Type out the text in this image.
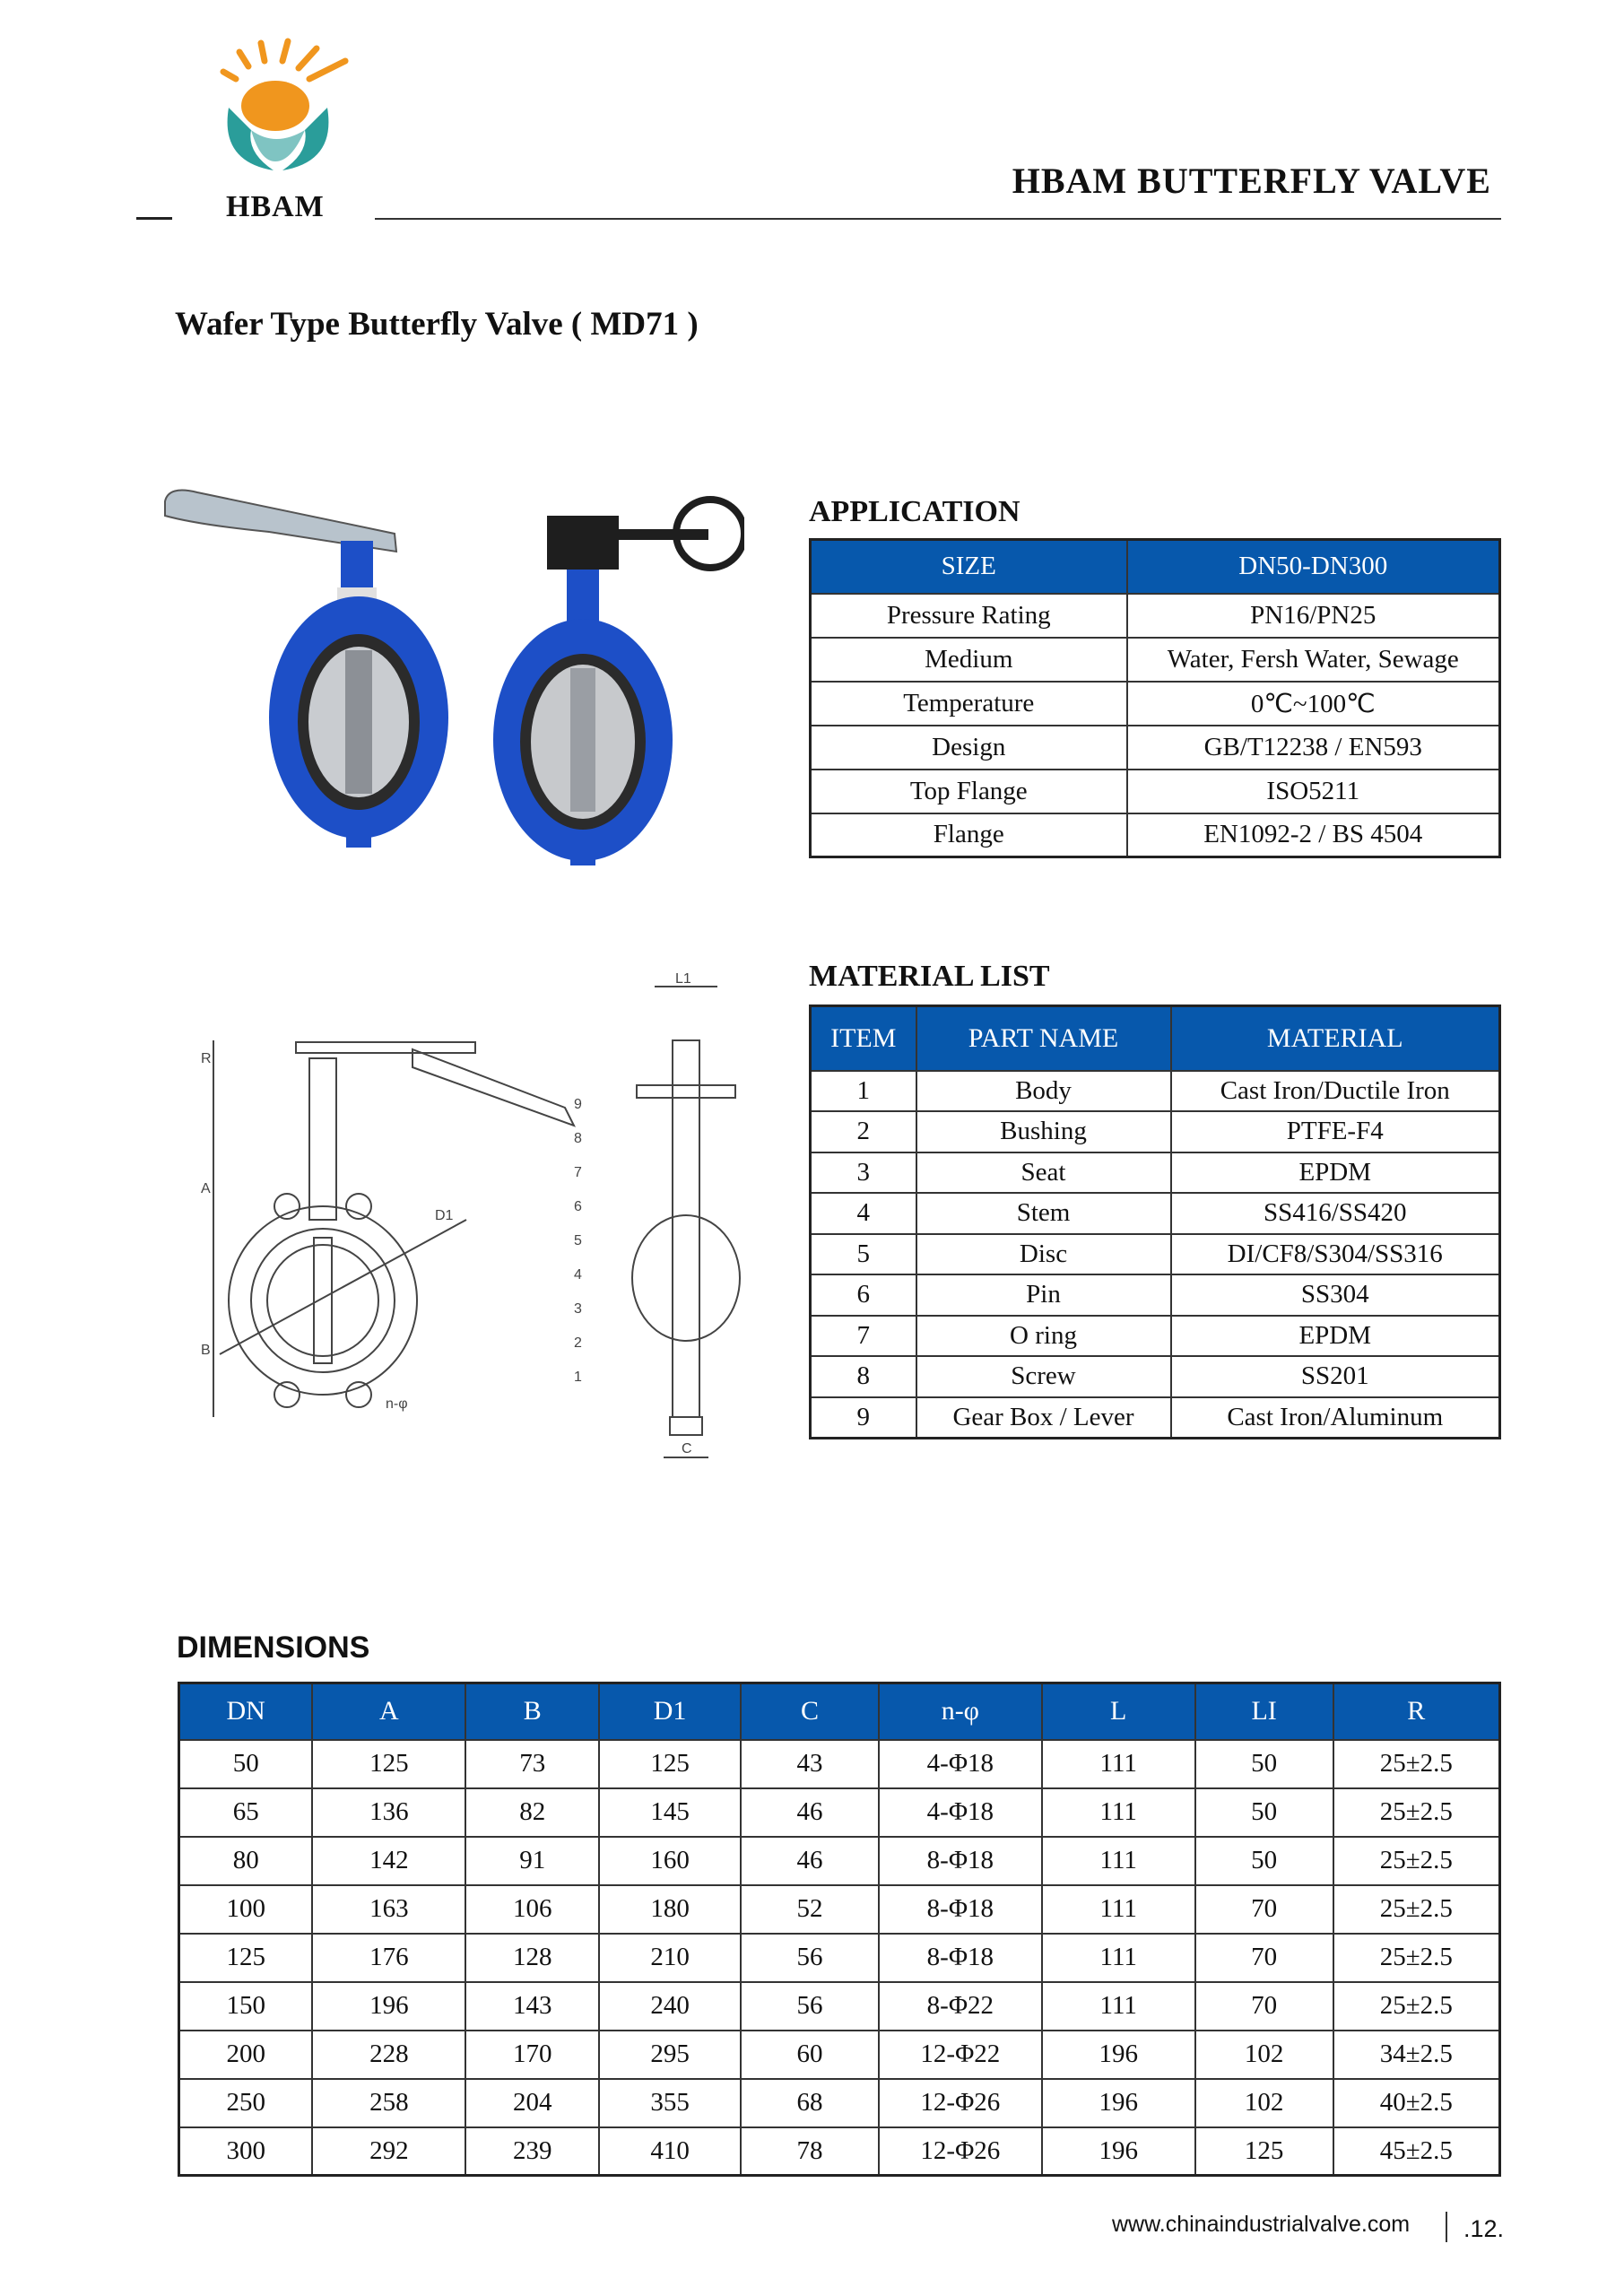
HBAM
HBAM BUTTERFLY VALVE
Wafer Type Butterfly Valve ( MD71 )
APPLICATION
SIZE	DN50-DN300
Pressure Rating	PN16/PN25
Medium	Water, Fersh Water, Sewage
Temperature	0℃~100℃
Design	GB/T12238 / EN593
Top Flange	ISO5211
Flange	EN1092-2 / BS 4504
R
A
B
D1
n-φ
L1
C
1
2
3
4
5
6
7
8
9
MATERIAL LIST
ITEM	PART NAME	MATERIAL
1	Body	Cast Iron/Ductile Iron
2	Bushing	PTFE-F4
3	Seat	EPDM
4	Stem	SS416/SS420
5	Disc	DI/CF8/S304/SS316
6	Pin	SS304
7	O ring	EPDM
8	Screw	SS201
9	Gear Box / Lever	Cast Iron/Aluminum
DIMENSIONS
DN	A	B	D1	C	n-φ	L	LI	R
50	125	73	125	43	4-Φ18	111	50	25±2.5
65	136	82	145	46	4-Φ18	111	50	25±2.5
80	142	91	160	46	8-Φ18	111	50	25±2.5
100	163	106	180	52	8-Φ18	111	70	25±2.5
125	176	128	210	56	8-Φ18	111	70	25±2.5
150	196	143	240	56	8-Φ22	111	70	25±2.5
200	228	170	295	60	12-Φ22	196	102	34±2.5
250	258	204	355	68	12-Φ26	196	102	40±2.5
300	292	239	410	78	12-Φ26	196	125	45±2.5
www.chinaindustrialvalve.com .12.
